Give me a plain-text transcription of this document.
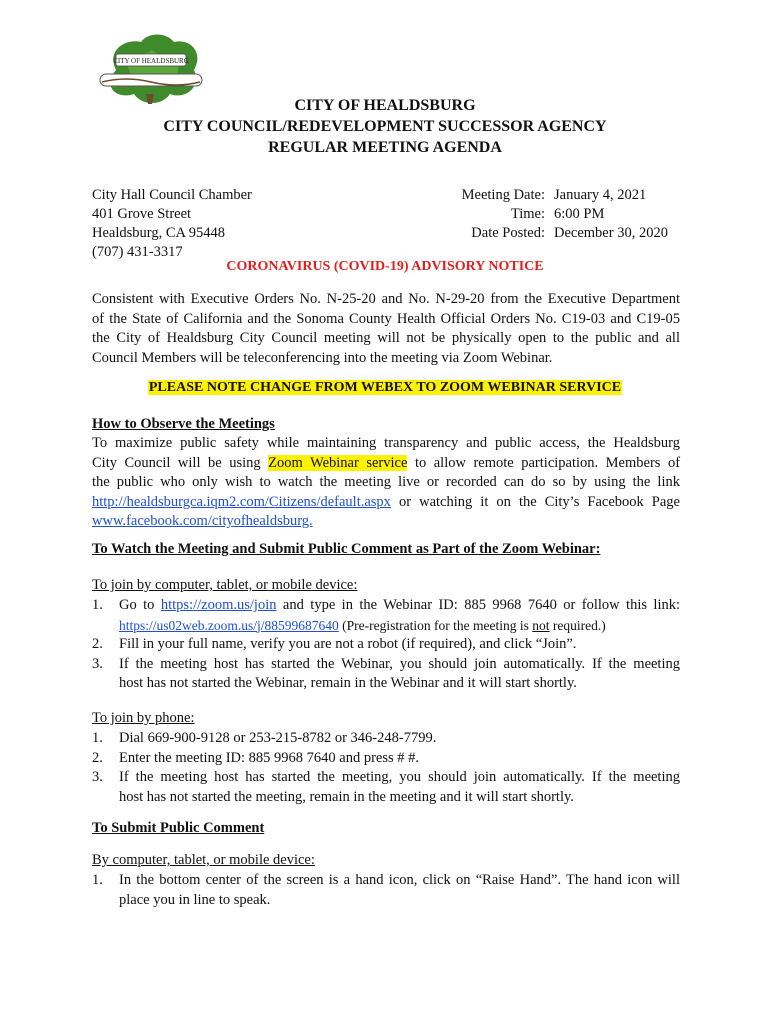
CITY OF HEALDSBURG
CITY OF HEALDSBURG
CITY COUNCIL/REDEVELOPMENT SUCCESSOR AGENCY
REGULAR MEETING AGENDA
City Hall Council Chamber
401 Grove Street
Healdsburg, CA 95448
(707) 431-3317
Meeting Date: January 4, 2021
Time: 6:00 PM
Date Posted: December 30, 2020
CORONAVIRUS (COVID-19) ADVISORY NOTICE
Consistent with Executive Orders No. N-25-20 and No. N-29-20 from the Executive Department
of the State of California and the Sonoma County Health Official Orders No. C19-03 and C19-05
the City of Healdsburg City Council meeting will not be physically open to the public and all
Council Members will be teleconferencing into the meeting via Zoom Webinar.
PLEASE NOTE CHANGE FROM WEBEX TO ZOOM WEBINAR SERVICE
How to Observe the Meetings
To maximize public safety while maintaining transparency and public access, the Healdsburg
City Council will be using Zoom Webinar service to allow remote participation. Members of
the public who only wish to watch the meeting live or recorded can do so by using the link
http://healdsburgca.iqm2.com/Citizens/default.aspx or watching it on the City’s Facebook Page
www.facebook.com/cityofhealdsburg.
To Watch the Meeting and Submit Public Comment as Part of the Zoom Webinar:
To join by computer, tablet, or mobile device:
1.	Go to https://zoom.us/join and type in the Webinar ID: 885 9968 7640 or follow this link:
https://us02web.zoom.us/j/88599687640 (Pre-registration for the meeting is not required.)
2.	Fill in your full name, verify you are not a robot (if required), and click “Join”.
3.	If the meeting host has started the Webinar, you should join automatically. If the meeting
host has not started the Webinar, remain in the Webinar and it will start shortly.
To join by phone:
1.	Dial 669-900-9128 or 253-215-8782 or 346-248-7799.
2.	Enter the meeting ID: 885 9968 7640 and press # #.
3.	If the meeting host has started the meeting, you should join automatically. If the meeting
host has not started the meeting, remain in the meeting and it will start shortly.
To Submit Public Comment
By computer, tablet, or mobile device:
1.	In the bottom center of the screen is a hand icon, click on “Raise Hand”. The hand icon will
place you in line to speak.
